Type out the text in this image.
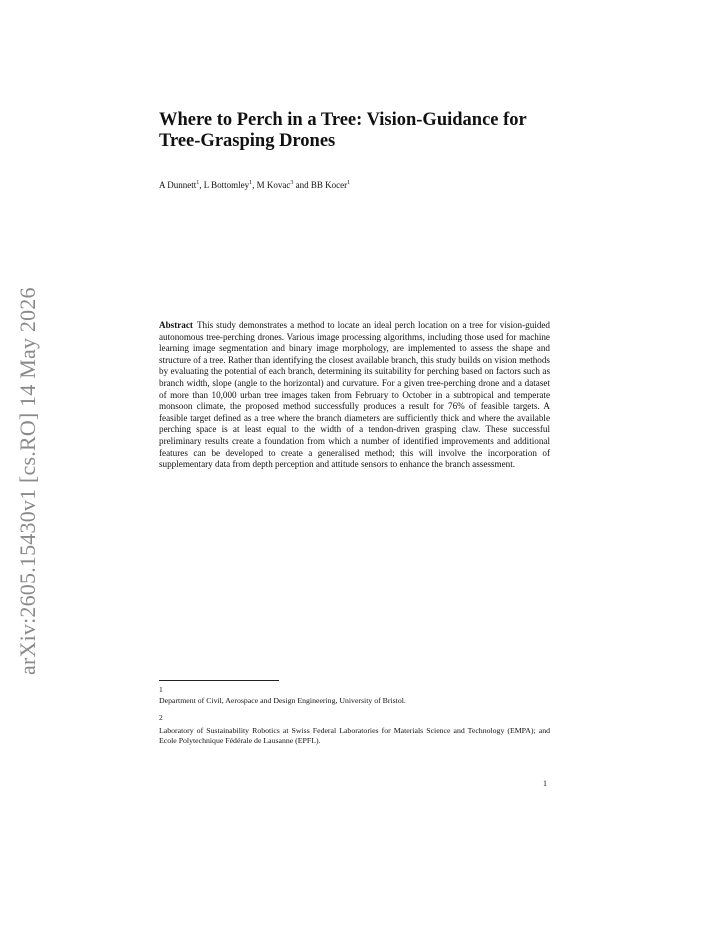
arXiv:2605.15430v1 [cs.RO] 14 May 2026
Where to Perch in a Tree: Vision-Guidance for
Tree-Grasping Drones
A Dunnett$^1$, L Bottomley$^1$, M Kovac$^3$ and BB Kocer$^1$

Abstract This study demonstrates a method to locate an ideal perch location on a tree for vision-guided autonomous tree-perching drones. Various image processing algorithms, including those used for machine learning image segmentation and binary image morphology, are implemented to assess the shape and structure of a tree. Rather than identifying the closest available branch, this study builds on vision methods by evaluating the potential of each branch, determining its suitability for perching based on factors such as branch width, slope (angle to the horizontal) and curvature. For a given tree-perching drone and a dataset of more than 10,000 urban tree images taken from February to October in a subtropical and temperate monsoon climate, the proposed method successfully produces a result for 76% of feasible targets. A feasible target defined as a tree where the branch diameters are sufficiently thick and where the available perching space is at least equal to the width of a tendon-driven grasping claw. These successful preliminary results create a foundation from which a number of identified improvements and additional features can be developed to create a generalised method; this will involve the incorporation of supplementary data from depth perception and attitude sensors to enhance the branch assessment.

1
Department of Civil, Aerospace and Design Engineering, University of Bristol.
2
Laboratory of Sustainability Robotics at Swiss Federal Laboratories for Materials Science and Technology (EMPA); and Ecole Polytechnique Fédérale de Lausanne (EPFL).
1
